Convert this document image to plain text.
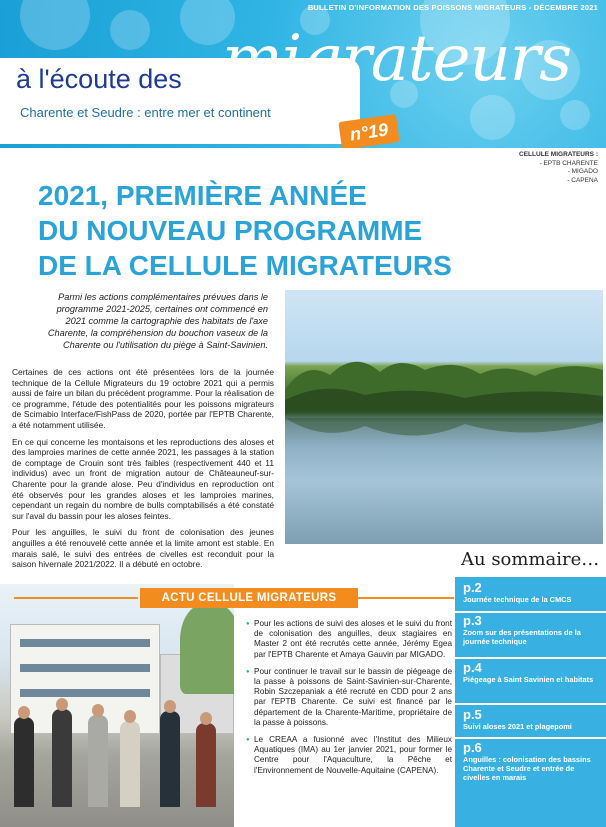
BULLETIN D'INFORMATION DES POISSONS MIGRATEURS - DÉCEMBRE 2021
à l'écoute des migrateurs
Charente et Seudre : entre mer et continent
n°19
CELLULE MIGRATEURS :
- EPTB CHARENTE
- MIGADO
- CAPENA
2021, PREMIÈRE ANNÉE
DU NOUVEAU PROGRAMME
DE LA CELLULE MIGRATEURS
Parmi les actions complémentaires prévues dans le programme 2021-2025, certaines ont commencé en 2021 comme la cartographie des habitats de l'axe Charente, la compréhension du bouchon vaseux de la Charente ou l'utilisation du piège à Saint-Savinien.

Certaines de ces actions ont été présentées lors de la journée technique de la Cellule Migrateurs du 19 octobre 2021 qui a permis aussi de faire un bilan du précédent programme. Pour la réalisation de ce programme, l'étude des potentialités pour les poissons migrateurs de Scimabio Interface/FishPass de 2020, portée par l'EPTB Charente, a été notamment utilisée.

En ce qui concerne les montaisons et les reproductions des aloses et des lamproies marines de cette année 2021, les passages à la station de comptage de Crouin sont très faibles (respectivement 440 et 11 individus) avec un front de migration autour de Châteauneuf-sur-Charente pour la grande alose. Peu d'individus en reproduction ont été observés pour les grandes aloses et les lamproies marines, cependant un regain du nombre de bulls comptabilisés a été constaté sur l'aval du bassin pour les aloses feintes.

Pour les anguilles, le suivi du front de colonisation des jeunes anguilles a été renouvelé cette année et la limite amont est stable. En marais salé, le suivi des entrées de civelles est reconduit pour la saison hivernale 2021/2022. Il a débuté en octobre.

ACTU CELLULE MIGRATEURS
● Pour les actions de suivi des aloses et le suivi du front de colonisation des anguilles, deux stagiaires en Master 2 ont été recrutés cette année, Jérémy Egea par l'EPTB Charente et Amaya Gauvin par MIGADO.
● Pour continuer le travail sur le bassin de piégeage de la passe à poissons de Saint-Savinien-sur-Charente, Robin Szczepaniak a été recruté en CDD pour 2 ans par l'EPTB Charente. Ce suivi est financé par le département de la Charente-Maritime, propriétaire de la passe à poissons.
● Le CREAA a fusionné avec l'Institut des Milieux Aquatiques (IMA) au 1er janvier 2021, pour former le Centre pour l'Aquaculture, la Pêche et l'Environnement de Nouvelle-Aquitaine (CAPENA).
Au sommaire…
p.2
Journée technique de la CMCS
p.3
Zoom sur des présentations de la journée technique
p.4
Piégeage à Saint Savinien et habitats
p.5
Suivi aloses 2021 et plagepomi
p.6
Anguilles : colonisation des bassins Charente et Seudre et entrée de civelles en marais
